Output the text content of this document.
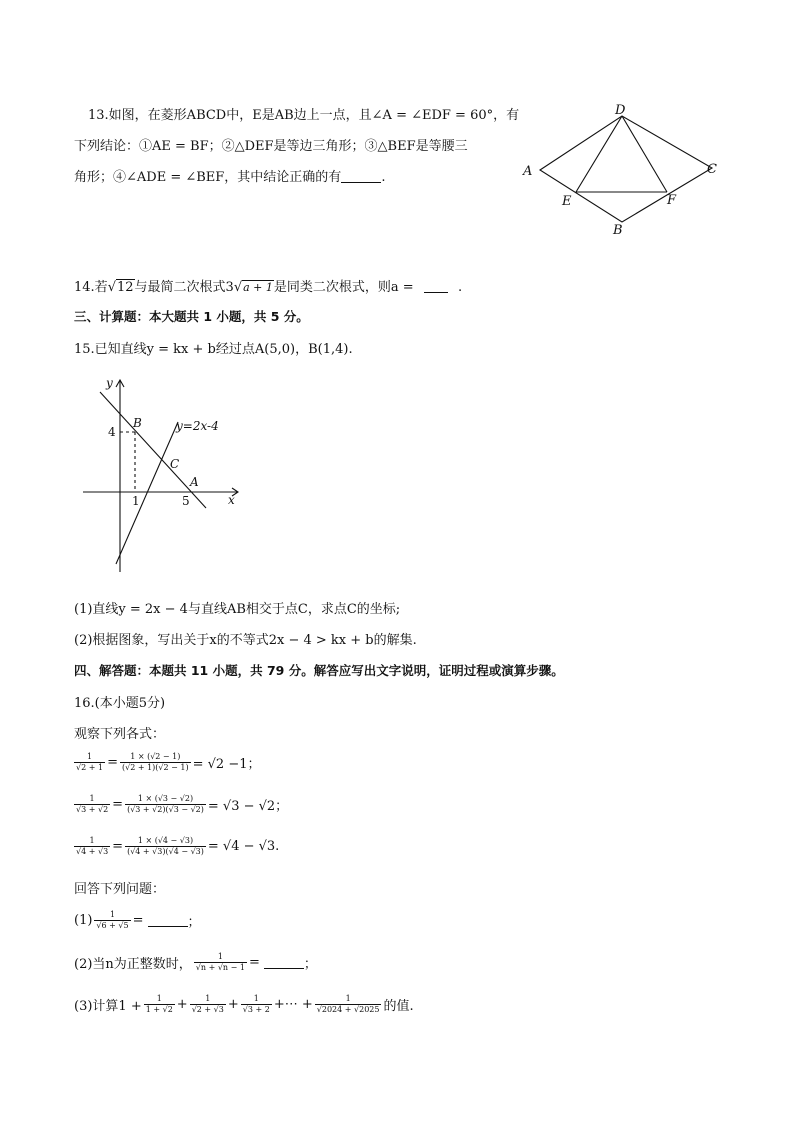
13.如图，在菱形ABCD中，E是AB边上一点，且∠A = ∠EDF = 60°，有
下列结论：①AE = BF；②△DEF是等边三角形；③△BEF是等腰三
角形；④∠ADE = ∠BEF，其中结论正确的有	.
D
A	C
E	F
B
14.若 √ 12与最简二次根式3 √ a + 1是同类二次根式，则a =	.
三、计算题：本大题共 1 小题，共 5 分。
15.已知直线y = kx + b经过点A(5,0)，B(1,4).
y
x
4
1	5
B
C
A
y=2x-4
(1)直线y = 2x − 4与直线AB相交于点C，求点C的坐标;
(2)根据图象，写出关于x的不等式2x − 4 > kx + b的解集.
四、解答题：本题共 11 小题，共 79 分。解答应写出文字说明，证明过程或演算步骤。
16.(本小题5分)
观察下列各式：
$\frac{1}{√2 + 1} = \frac{1 \times (√2 - 1)}{(√2 + 1)(√2 - 1)} = √2 -1$；
$\frac{1}{√3 + √2} = \frac{1 \times (√3 - √2)}{(√3 + √2)(√3 - √2)} = √3 - √2$；
$\frac{1}{√4 + √3} = \frac{1 \times (√4 - √3)}{(√4 + √3)(√4 - √3)} = √4 - √3$.
回答下列问题：
$(1) \frac{1}{√6 + √5}$ =	；
(2)当n为正整数时， $\frac{1}{√n + √n - 1}$ =	；
(3)计算$1 + \frac{1}{1 + √2} + \frac{1}{√2 + √3} + \frac{1}{√3 + 2}$ +⋯ + $\frac{1}{√2024 + √2025}$ 的值.
